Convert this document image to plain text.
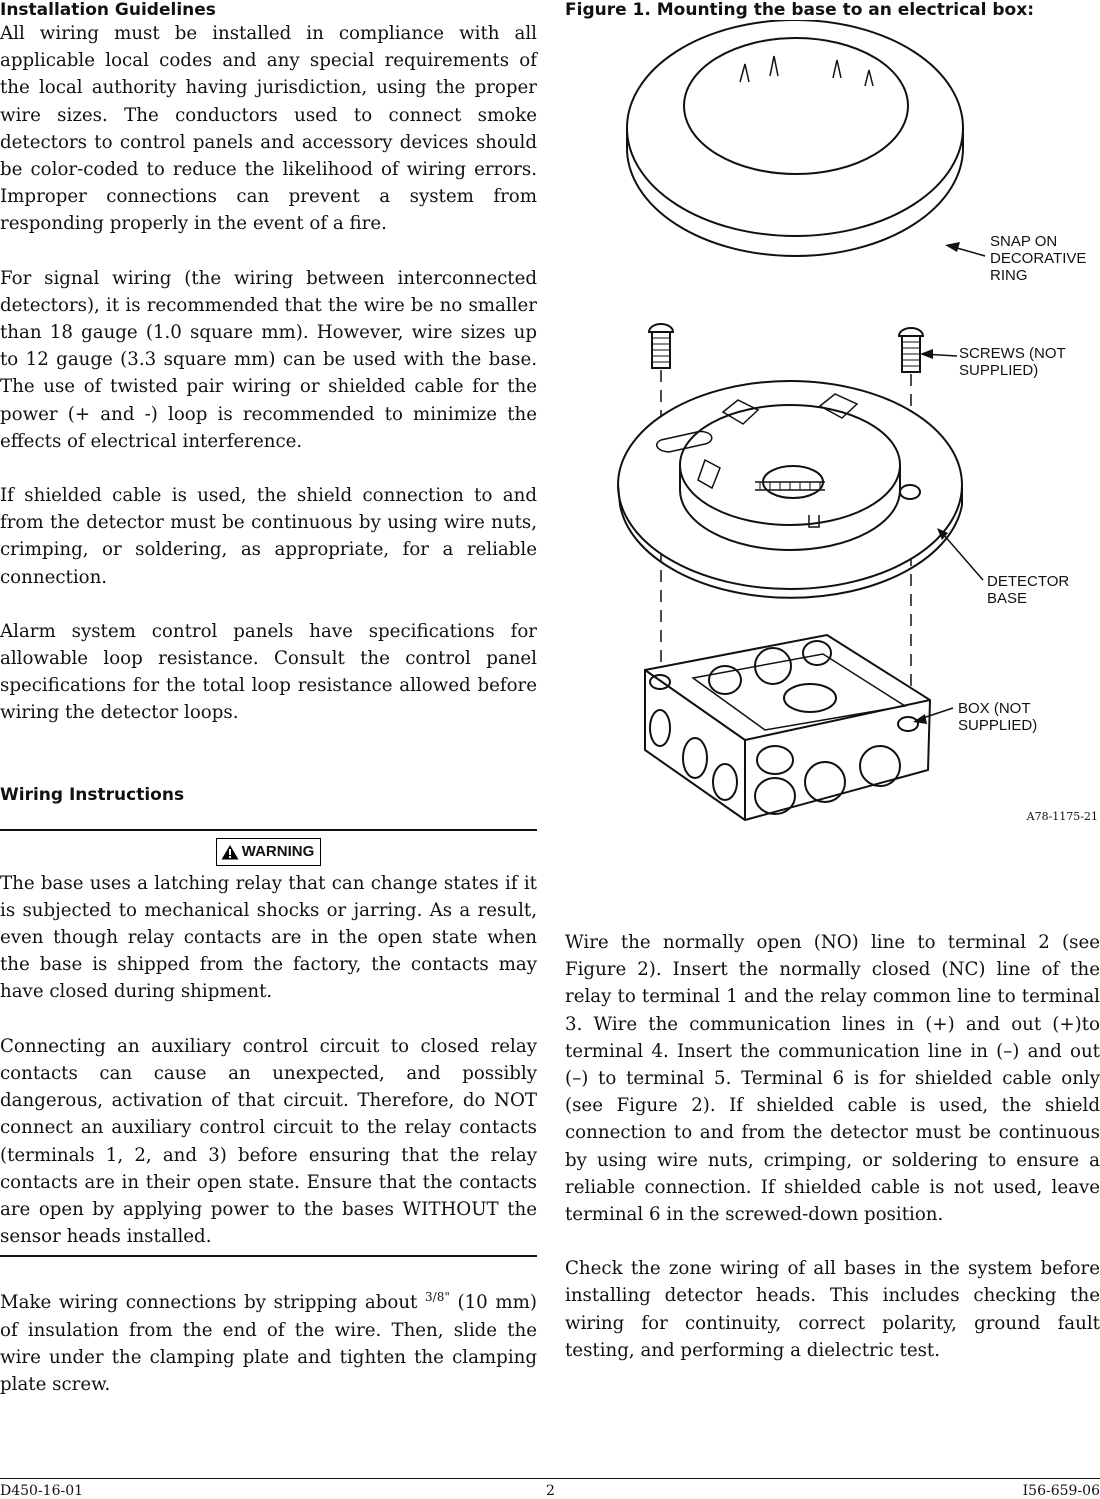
Installation Guidelines

All wiring must be installed in compliance with all applicable local codes and any special requirements of the local authority having jurisdiction, using the proper wire sizes. The conductors used to connect smoke detectors to control panels and accessory devices should be color-coded to reduce the likelihood of wiring errors. Improper connections can prevent a system from responding properly in the event of a fire.

For signal wiring (the wiring between interconnected detectors), it is recommended that the wire be no smaller than 18 gauge (1.0 square mm). However, wire sizes up to 12 gauge (3.3 square mm) can be used with the base. The use of twisted pair wiring or shielded cable for the power (+ and -) loop is recommended to minimize the effects of electrical interference.

If shielded cable is used, the shield connection to and from the detector must be continuous by using wire nuts, crimping, or soldering, as appropriate, for a reliable connection.

Alarm system control panels have specifications for allowable loop resistance. Consult the control panel specifications for the total loop resistance allowed before wiring the detector loops.

Wiring Instructions
WARNING

The base uses a latching relay that can change states if it is subjected to mechanical shocks or jarring. As a result, even though relay contacts are in the open state when the base is shipped from the factory, the contacts may have closed during shipment.

Connecting an auxiliary control circuit to closed relay contacts can cause an unexpected, and possibly dangerous, activation of that circuit. Therefore, do NOT connect an auxiliary control circuit to the relay contacts (terminals 1, 2, and 3) before ensuring that the relay contacts are in their open state. Ensure that the contacts are open by applying power to the bases WITHOUT the sensor heads installed.

Make wiring connections by stripping about $^{3/8"}$ (10 mm) of insulation from the end of the wire. Then, slide the wire under the clamping plate and tighten the clamping plate screw.

Figure 1. Mounting the base to an electrical box:
SNAP ON
DECORATIVE
RING
SCREWS (NOT
SUPPLIED)
DETECTOR
BASE
BOX (NOT
SUPPLIED)
A78-1175-21

Wire the normally open (NO) line to terminal 2 (see Figure 2). Insert the normally closed (NC) line of the relay to terminal 1 and the relay common line to terminal 3. Wire the communication lines in (+) and out (+)to terminal 4. Insert the communication line in (–) and out (–) to terminal 5. Terminal 6 is for shielded cable only (see Figure 2). If shielded cable is used, the shield connection to and from the detector must be continuous by using wire nuts, crimping, or soldering to ensure a reliable connection. If shielded cable is not used, leave terminal 6 in the screwed-down position.

Check the zone wiring of all bases in the system before installing detector heads. This includes checking the wiring for continuity, correct polarity, ground fault testing, and performing a dielectric test.

D450-16-01	2	I56-659-06
